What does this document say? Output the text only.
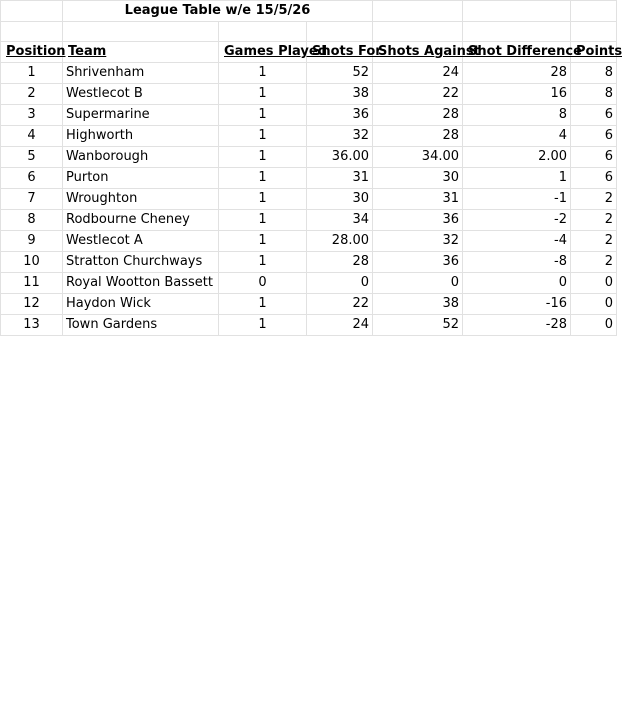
	League Table w/e 15/5/26					

Position	Team	Games Played	Shots For	Shots Against	Shot Difference	Points
1	Shrivenham	1	52	24	28	8
2	Westlecot B	1	38	22	16	8
3	Supermarine	1	36	28	8	6
4	Highworth	1	32	28	4	6
5	Wanborough	1	36.00	34.00	2.00	6
6	Purton	1	31	30	1	6
7	Wroughton	1	30	31	-1	2
8	Rodbourne Cheney	1	34	36	-2	2
9	Westlecot A	1	28.00	32	-4	2
10	Stratton Churchways	1	28	36	-8	2
11	Royal Wootton Bassett	0	0	0	0	0
12	Haydon Wick	1	22	38	-16	0
13	Town Gardens	1	24	52	-28	0
